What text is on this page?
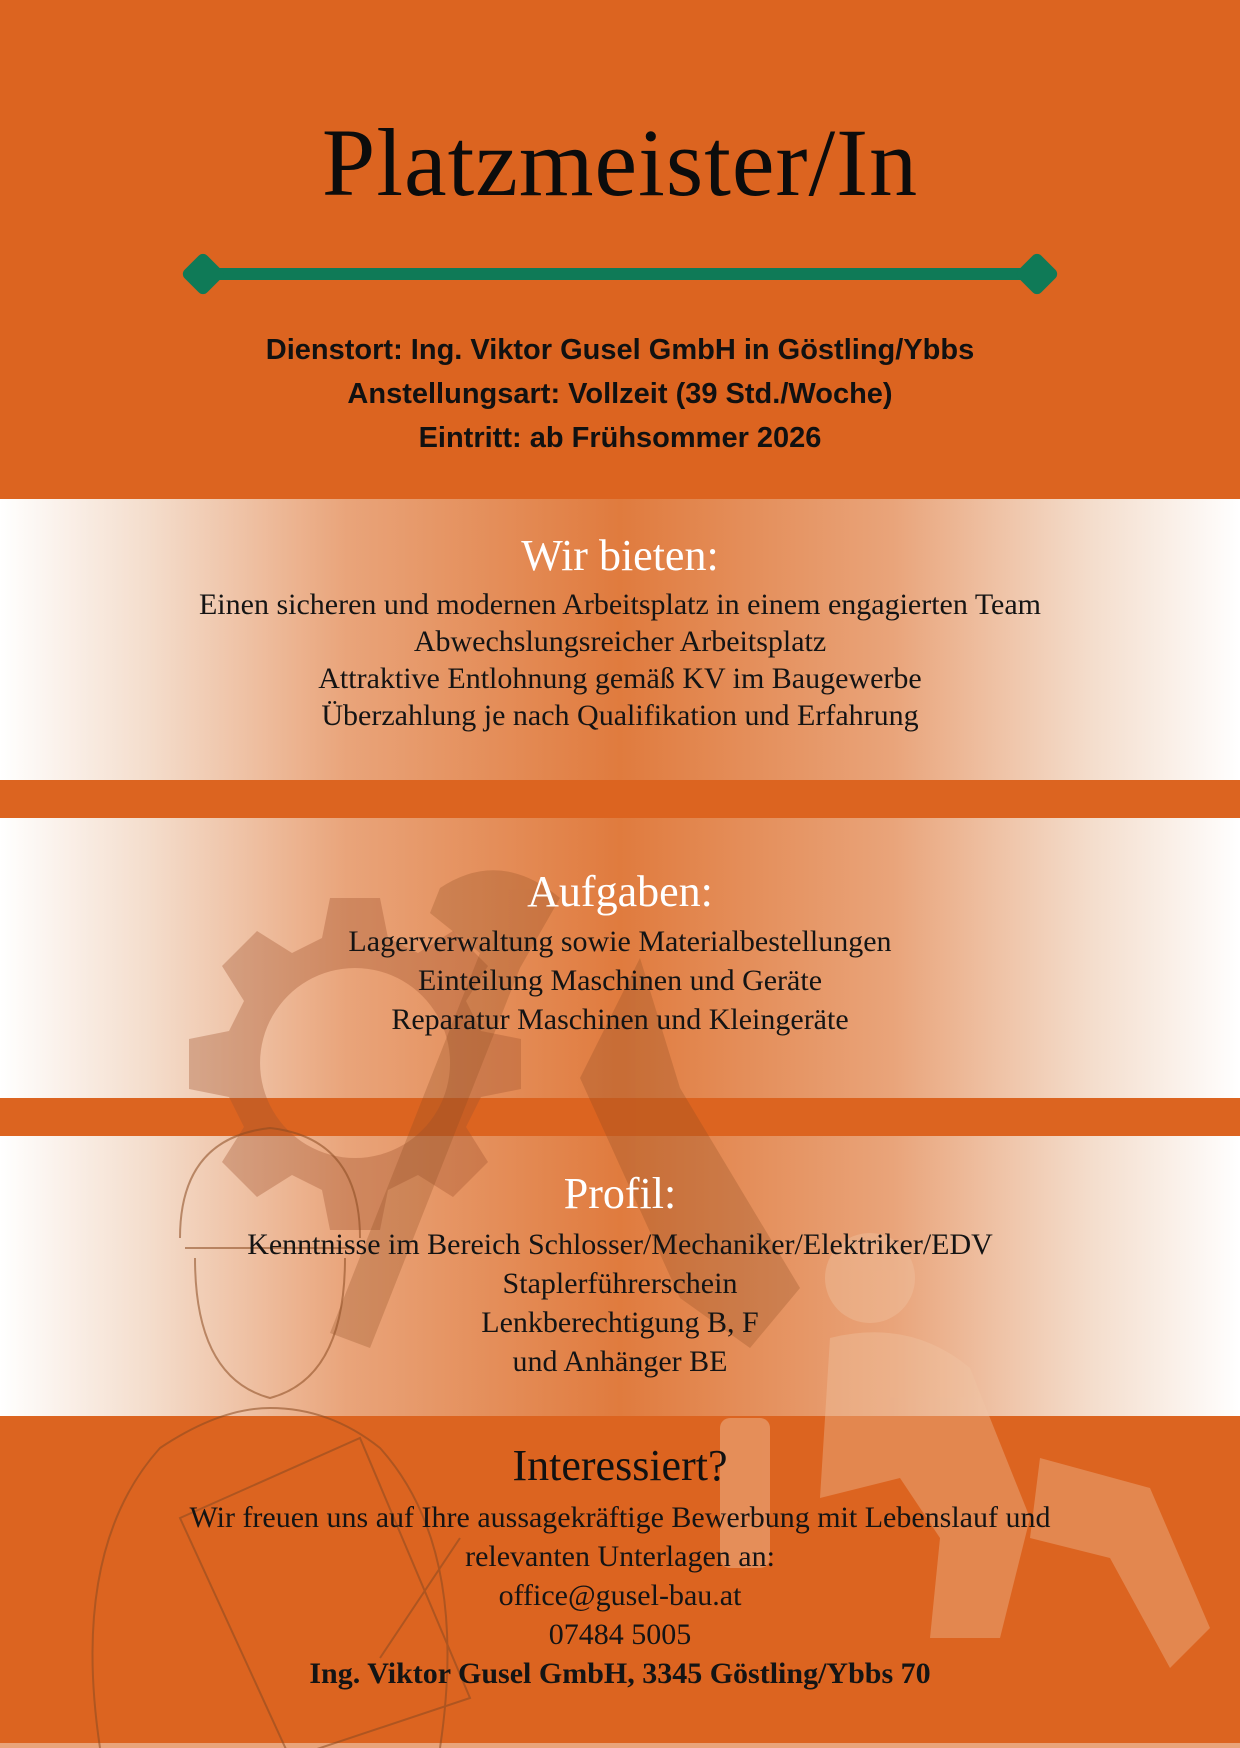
Platzmeister/In
Dienstort: Ing. Viktor Gusel GmbH in Göstling/Ybbs
Anstellungsart: Vollzeit (39 Std./Woche)
Eintritt: ab Frühsommer 2026
Wir bieten:
Einen sicheren und modernen Arbeitsplatz in einem engagierten Team
Abwechslungsreicher Arbeitsplatz
Attraktive Entlohnung gemäß KV im Baugewerbe
Überzahlung je nach Qualifikation und Erfahrung
Aufgaben:
Lagerverwaltung sowie Materialbestellungen
Einteilung Maschinen und Geräte
Reparatur Maschinen und Kleingeräte
Profil:
Kenntnisse im Bereich Schlosser/Mechaniker/Elektriker/EDV
Staplerführerschein
Lenkberechtigung B, F
und Anhänger BE
Interessiert?
Wir freuen uns auf Ihre aussagekräftige Bewerbung mit Lebenslauf und
relevanten Unterlagen an:
office@gusel-bau.at
07484 5005
Ing. Viktor Gusel GmbH, 3345 Göstling/Ybbs 70
